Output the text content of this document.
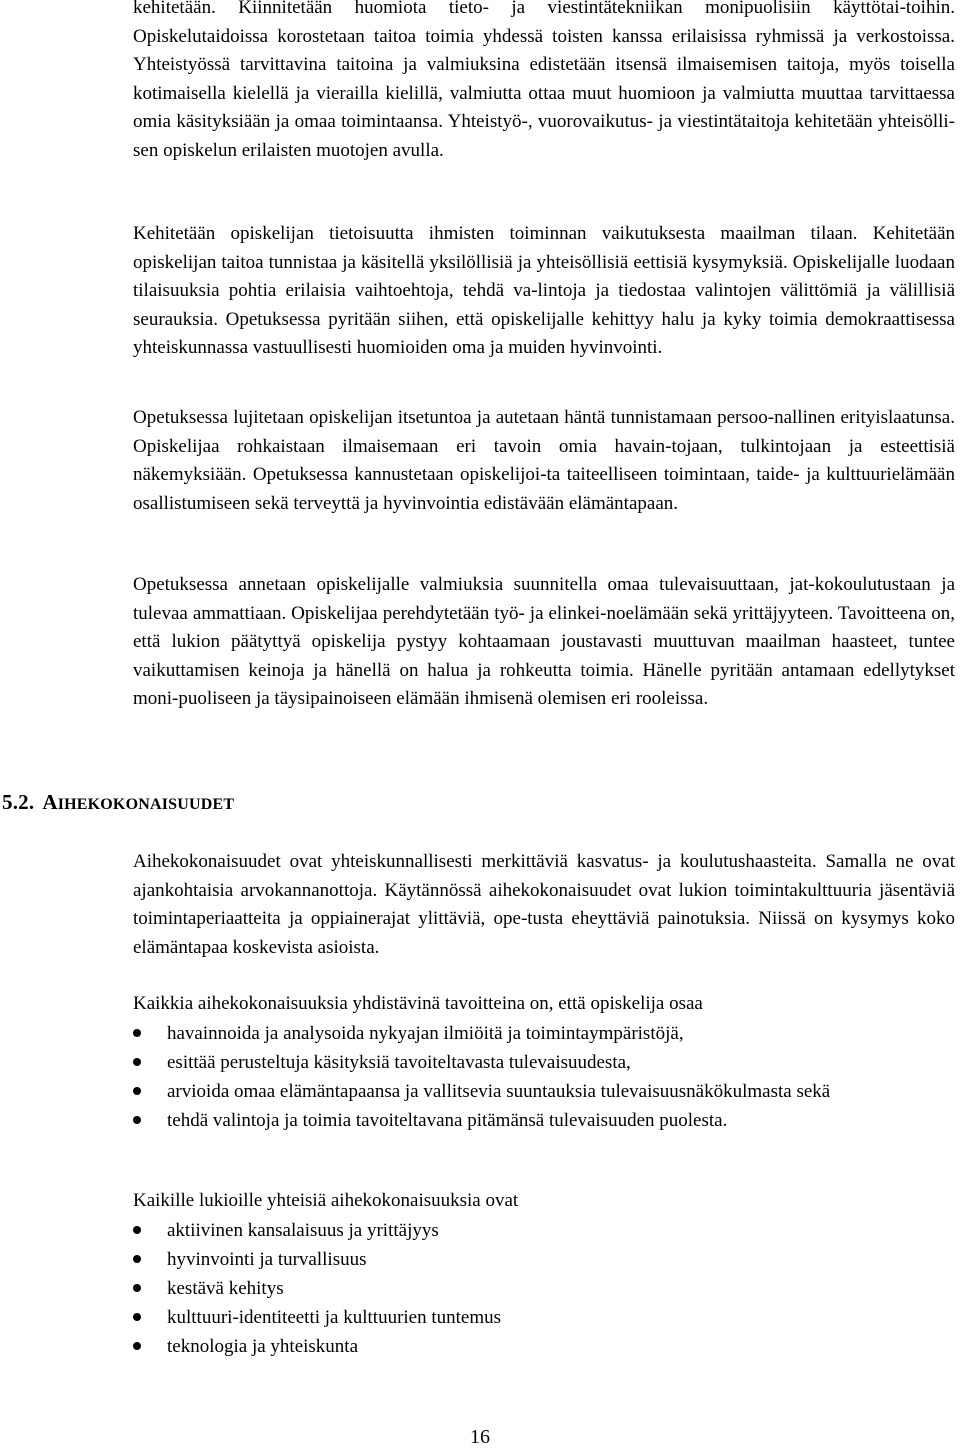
kehitetään. Kiinnitetään huomiota tieto- ja viestintätekniikan monipuolisiin käyttötai-toihin. Opiskelutaidoissa korostetaan taitoa toimia yhdessä toisten kanssa erilaisissa ryhmissä ja verkostoissa. Yhteistyössä tarvittavina taitoina ja valmiuksina edistetään itsensä ilmaisemisen taitoja, myös toisella kotimaisella kielellä ja vierailla kielillä, valmiutta ottaa muut huomioon ja valmiutta muuttaa tarvittaessa omia käsityksiään ja omaa toimintaansa. Yhteistyö-, vuorovaikutus- ja viestintätaitoja kehitetään yhteisölli-sen opiskelun erilaisten muotojen avulla.

Kehitetään opiskelijan tietoisuutta ihmisten toiminnan vaikutuksesta maailman tilaan. Kehitetään opiskelijan taitoa tunnistaa ja käsitellä yksilöllisiä ja yhteisöllisiä eettisiä kysymyksiä. Opiskelijalle luodaan tilaisuuksia pohtia erilaisia vaihtoehtoja, tehdä va-lintoja ja tiedostaa valintojen välittömiä ja välillisiä seurauksia. Opetuksessa pyritään siihen, että opiskelijalle kehittyy halu ja kyky toimia demokraattisessa yhteiskunnassa vastuullisesti huomioiden oma ja muiden hyvinvointi.

Opetuksessa lujitetaan opiskelijan itsetuntoa ja autetaan häntä tunnistamaan persoo-nallinen erityislaatunsa. Opiskelijaa rohkaistaan ilmaisemaan eri tavoin omia havain-tojaan, tulkintojaan ja esteettisiä näkemyksiään. Opetuksessa kannustetaan opiskelijoi-ta taiteelliseen toimintaan, taide- ja kulttuurielämään osallistumiseen sekä terveyttä ja hyvinvointia edistävään elämäntapaan.

Opetuksessa annetaan opiskelijalle valmiuksia suunnitella omaa tulevaisuuttaan, jat-kokoulutustaan ja tulevaa ammattiaan. Opiskelijaa perehdytetään työ- ja elinkei-noelämään sekä yrittäjyyteen. Tavoitteena on, että lukion päätyttyä opiskelija pystyy kohtaamaan joustavasti muuttuvan maailman haasteet, tuntee vaikuttamisen keinoja ja hänellä on halua ja rohkeutta toimia. Hänelle pyritään antamaan edellytykset moni-puoliseen ja täysipainoiseen elämään ihmisenä olemisen eri rooleissa.

5.2. AIHEKOKONAISUUDET

Aihekokonaisuudet ovat yhteiskunnallisesti merkittäviä kasvatus- ja koulutushaasteita. Samalla ne ovat ajankohtaisia arvokannanottoja. Käytännössä aihekokonaisuudet ovat lukion toimintakulttuuria jäsentäviä toimintaperiaatteita ja oppiainerajat ylittäviä, ope-tusta eheyttäviä painotuksia. Niissä on kysymys koko elämäntapaa koskevista asioista.

Kaikkia aihekokonaisuuksia yhdistävinä tavoitteina on, että opiskelija osaa

havainnoida ja analysoida nykyajan ilmiöitä ja toimintaympäristöjä,
esittää perusteltuja käsityksiä tavoiteltavasta tulevaisuudesta,
arvioida omaa elämäntapaansa ja vallitsevia suuntauksia tulevaisuusnäkökulmasta sekä
tehdä valintoja ja toimia tavoiteltavana pitämänsä tulevaisuuden puolesta.

Kaikille lukioille yhteisiä aihekokonaisuuksia ovat

aktiivinen kansalaisuus ja yrittäjyys
hyvinvointi ja turvallisuus
kestävä kehitys
kulttuuri-identiteetti ja kulttuurien tuntemus
teknologia ja yhteiskunta

16
